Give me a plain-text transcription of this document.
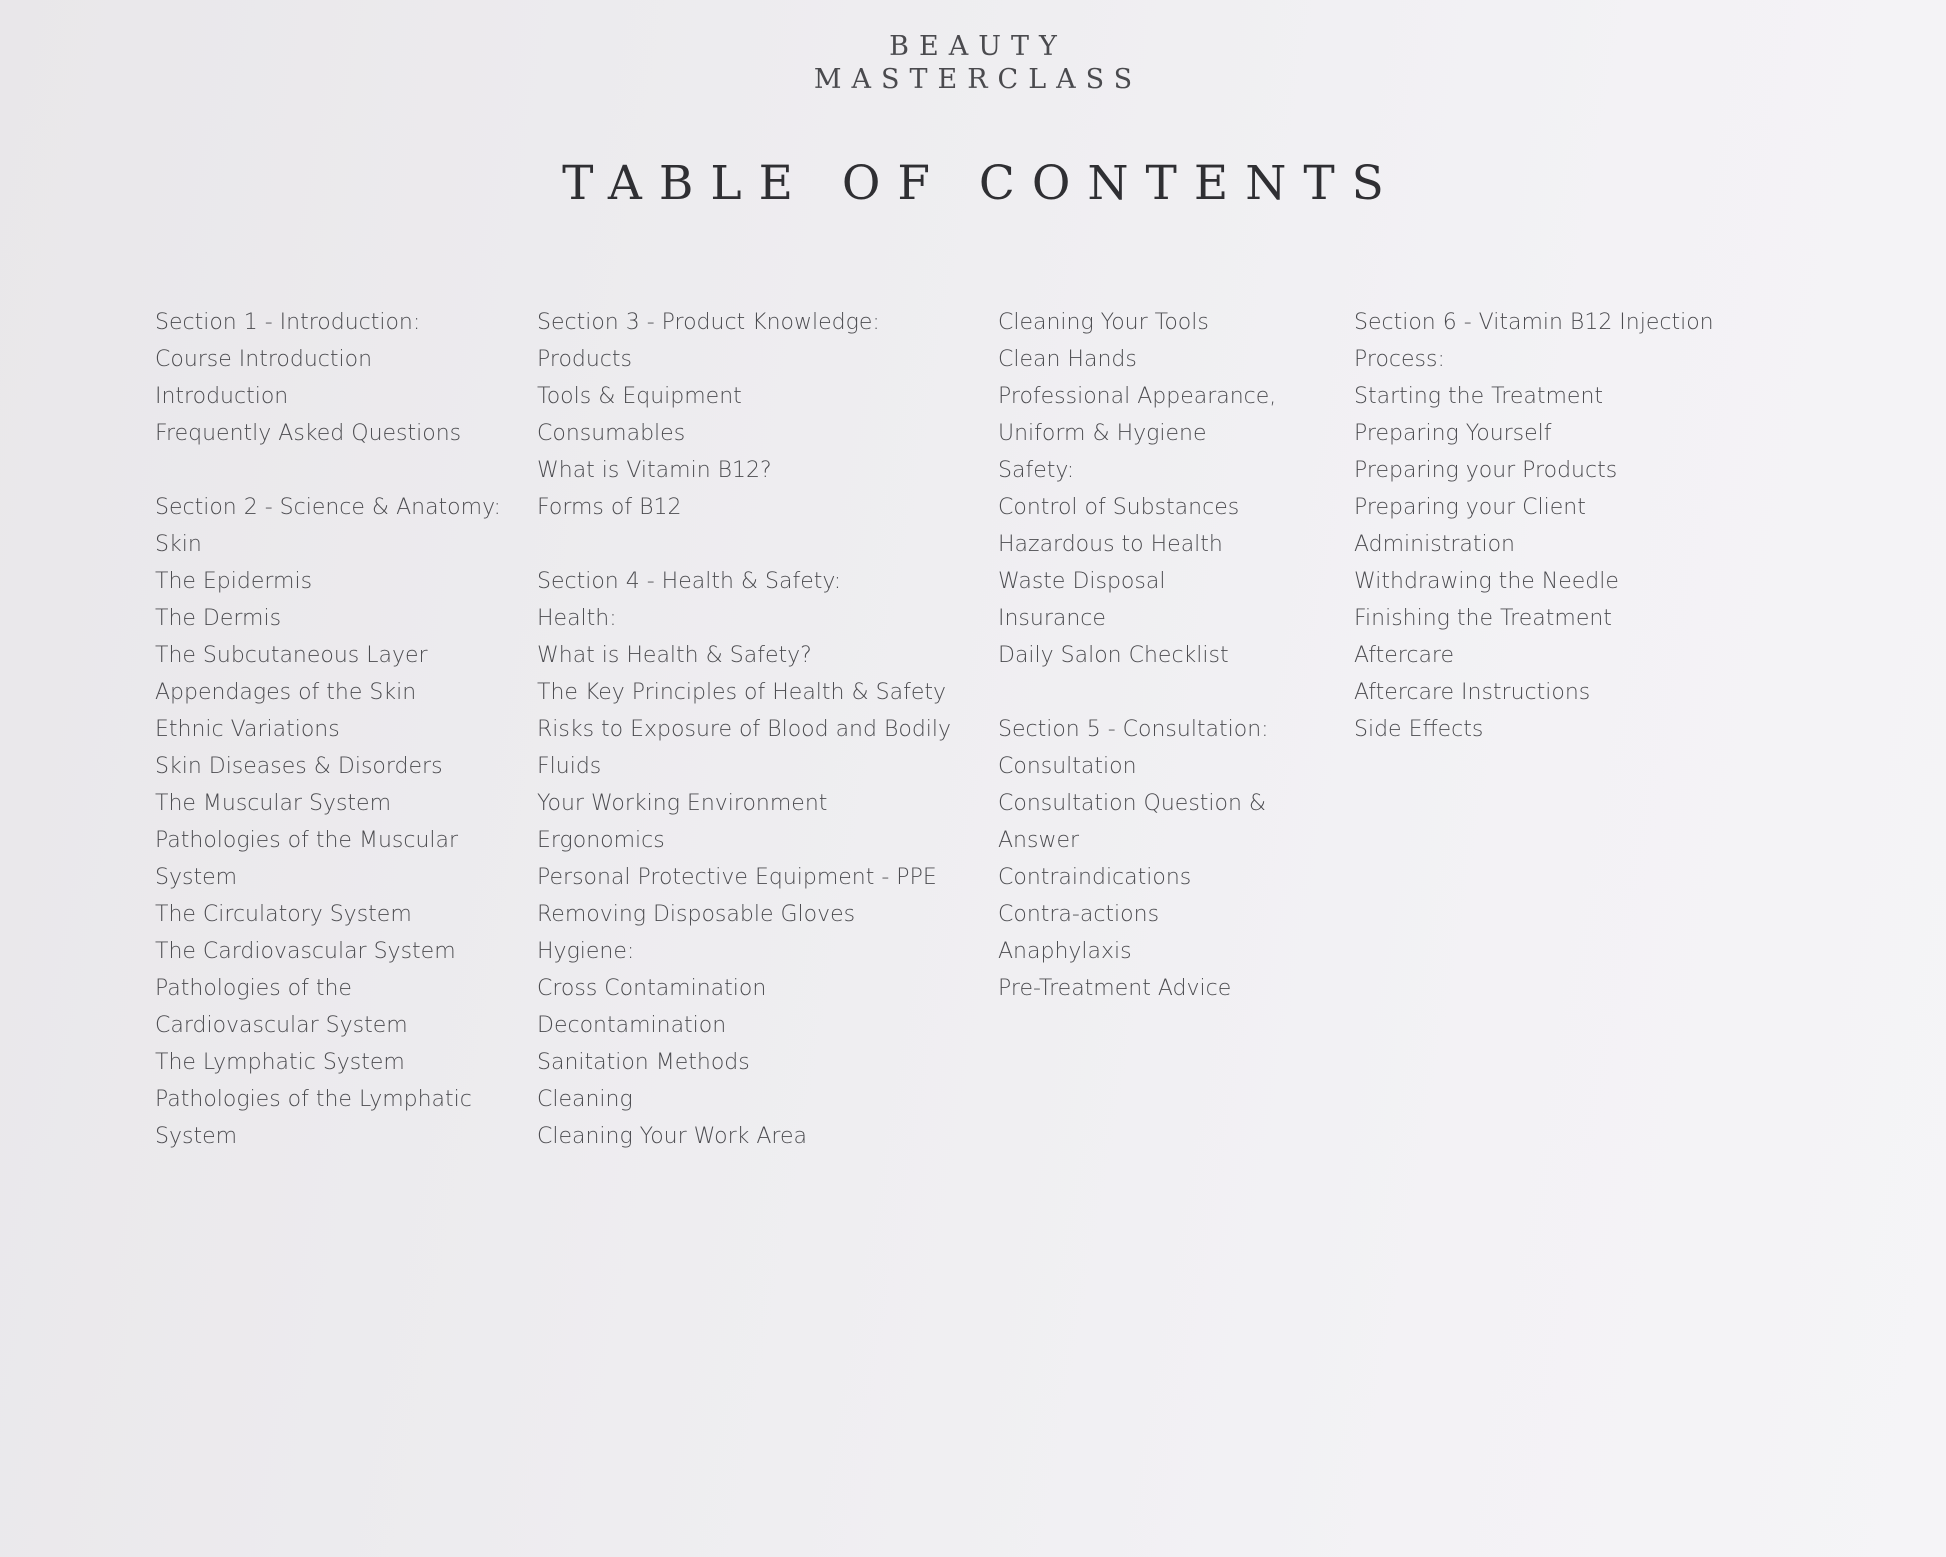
BEAUTY
MASTERCLASS
TABLE OF CONTENTS
Section 1 - Introduction:
Course Introduction
Introduction
Frequently Asked Questions
Section 2 - Science & Anatomy:
Skin
The Epidermis
The Dermis
The Subcutaneous Layer
Appendages of the Skin
Ethnic Variations
Skin Diseases & Disorders
The Muscular System
Pathologies of the Muscular
System
The Circulatory System
The Cardiovascular System
Pathologies of the
Cardiovascular System
The Lymphatic System
Pathologies of the Lymphatic
System
Section 3 - Product Knowledge:
Products
Tools & Equipment
Consumables
What is Vitamin B12?
Forms of B12
Section 4 - Health & Safety:
Health:
What is Health & Safety?
The Key Principles of Health & Safety
Risks to Exposure of Blood and Bodily
Fluids
Your Working Environment
Ergonomics
Personal Protective Equipment - PPE
Removing Disposable Gloves
Hygiene:
Cross Contamination
Decontamination
Sanitation Methods
Cleaning
Cleaning Your Work Area
Cleaning Your Tools
Clean Hands
Professional Appearance,
Uniform & Hygiene
Safety:
Control of Substances
Hazardous to Health
Waste Disposal
Insurance
Daily Salon Checklist
Section 5 - Consultation:
Consultation
Consultation Question &
Answer
Contraindications
Contra-actions
Anaphylaxis
Pre-Treatment Advice
Section 6 - Vitamin B12 Injection
Process:
Starting the Treatment
Preparing Yourself
Preparing your Products
Preparing your Client
Administration
Withdrawing the Needle
Finishing the Treatment
Aftercare
Aftercare Instructions
Side Effects
